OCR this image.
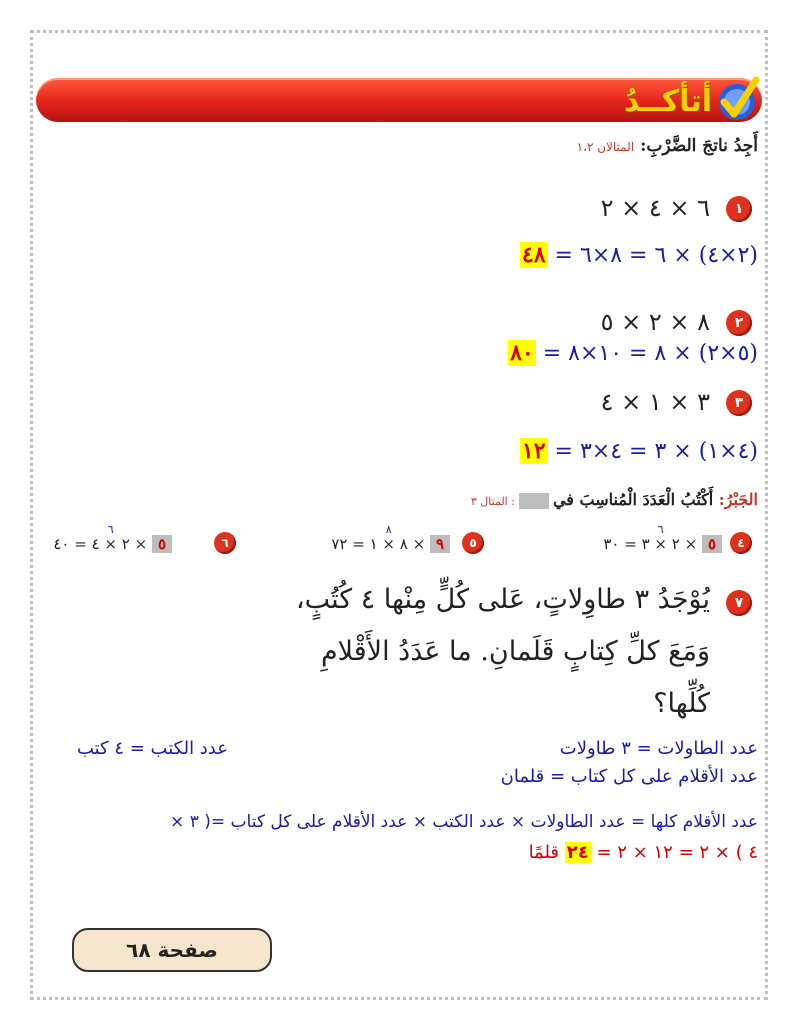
أتأكــدُ
أَجِدُ ناتجَ الضَّرْبِ:المثالان ١،٢
١
٦ × ٤ × ٢
(٢×٤) × ٦ = ٨×٦ = ٤٨
٢
٨ × ٢ × ٥
(٥×٢) × ٨ = ١٠×٨ = ٨٠
٣
٣ × ١ × ٤
(٤×١) × ٣ = ٤×٣ = ١٢
الجَبْرُ: أَكْتُبُ الْعَدَدَ الْمُناسِبَ في: المثال ٣
٤
٥ × ٢ ×
٦
٣ = ٣٠
٥
٩ × ٨ ×
٨
١ = ٧٢
٦
٥ × ٢ ×
٦
٤ = ٤٠
٧
يُوْجَدُ ٣ طاوِلاتٍ، عَلى كُلٍّ مِنْها ٤ كُتُبٍ،
وَمَعَ كلِّ كِتابٍ قَلَمانِ. ما عَدَدُ الأَقْلامِ
كُلِّها؟
عدد الطاولات = ٣ طاولات
عدد الكتب = ٤ كتب
عدد الأقلام على كل كتاب = قلمان
عدد الأقلام كلها = عدد الطاولات × عدد الكتب × عدد الأقلام على كل كتاب =( ٣ ×
٤ ) × ٢ = ١٢ × ٢ = ٢٤ قلمًا
صفحة ٦٨
